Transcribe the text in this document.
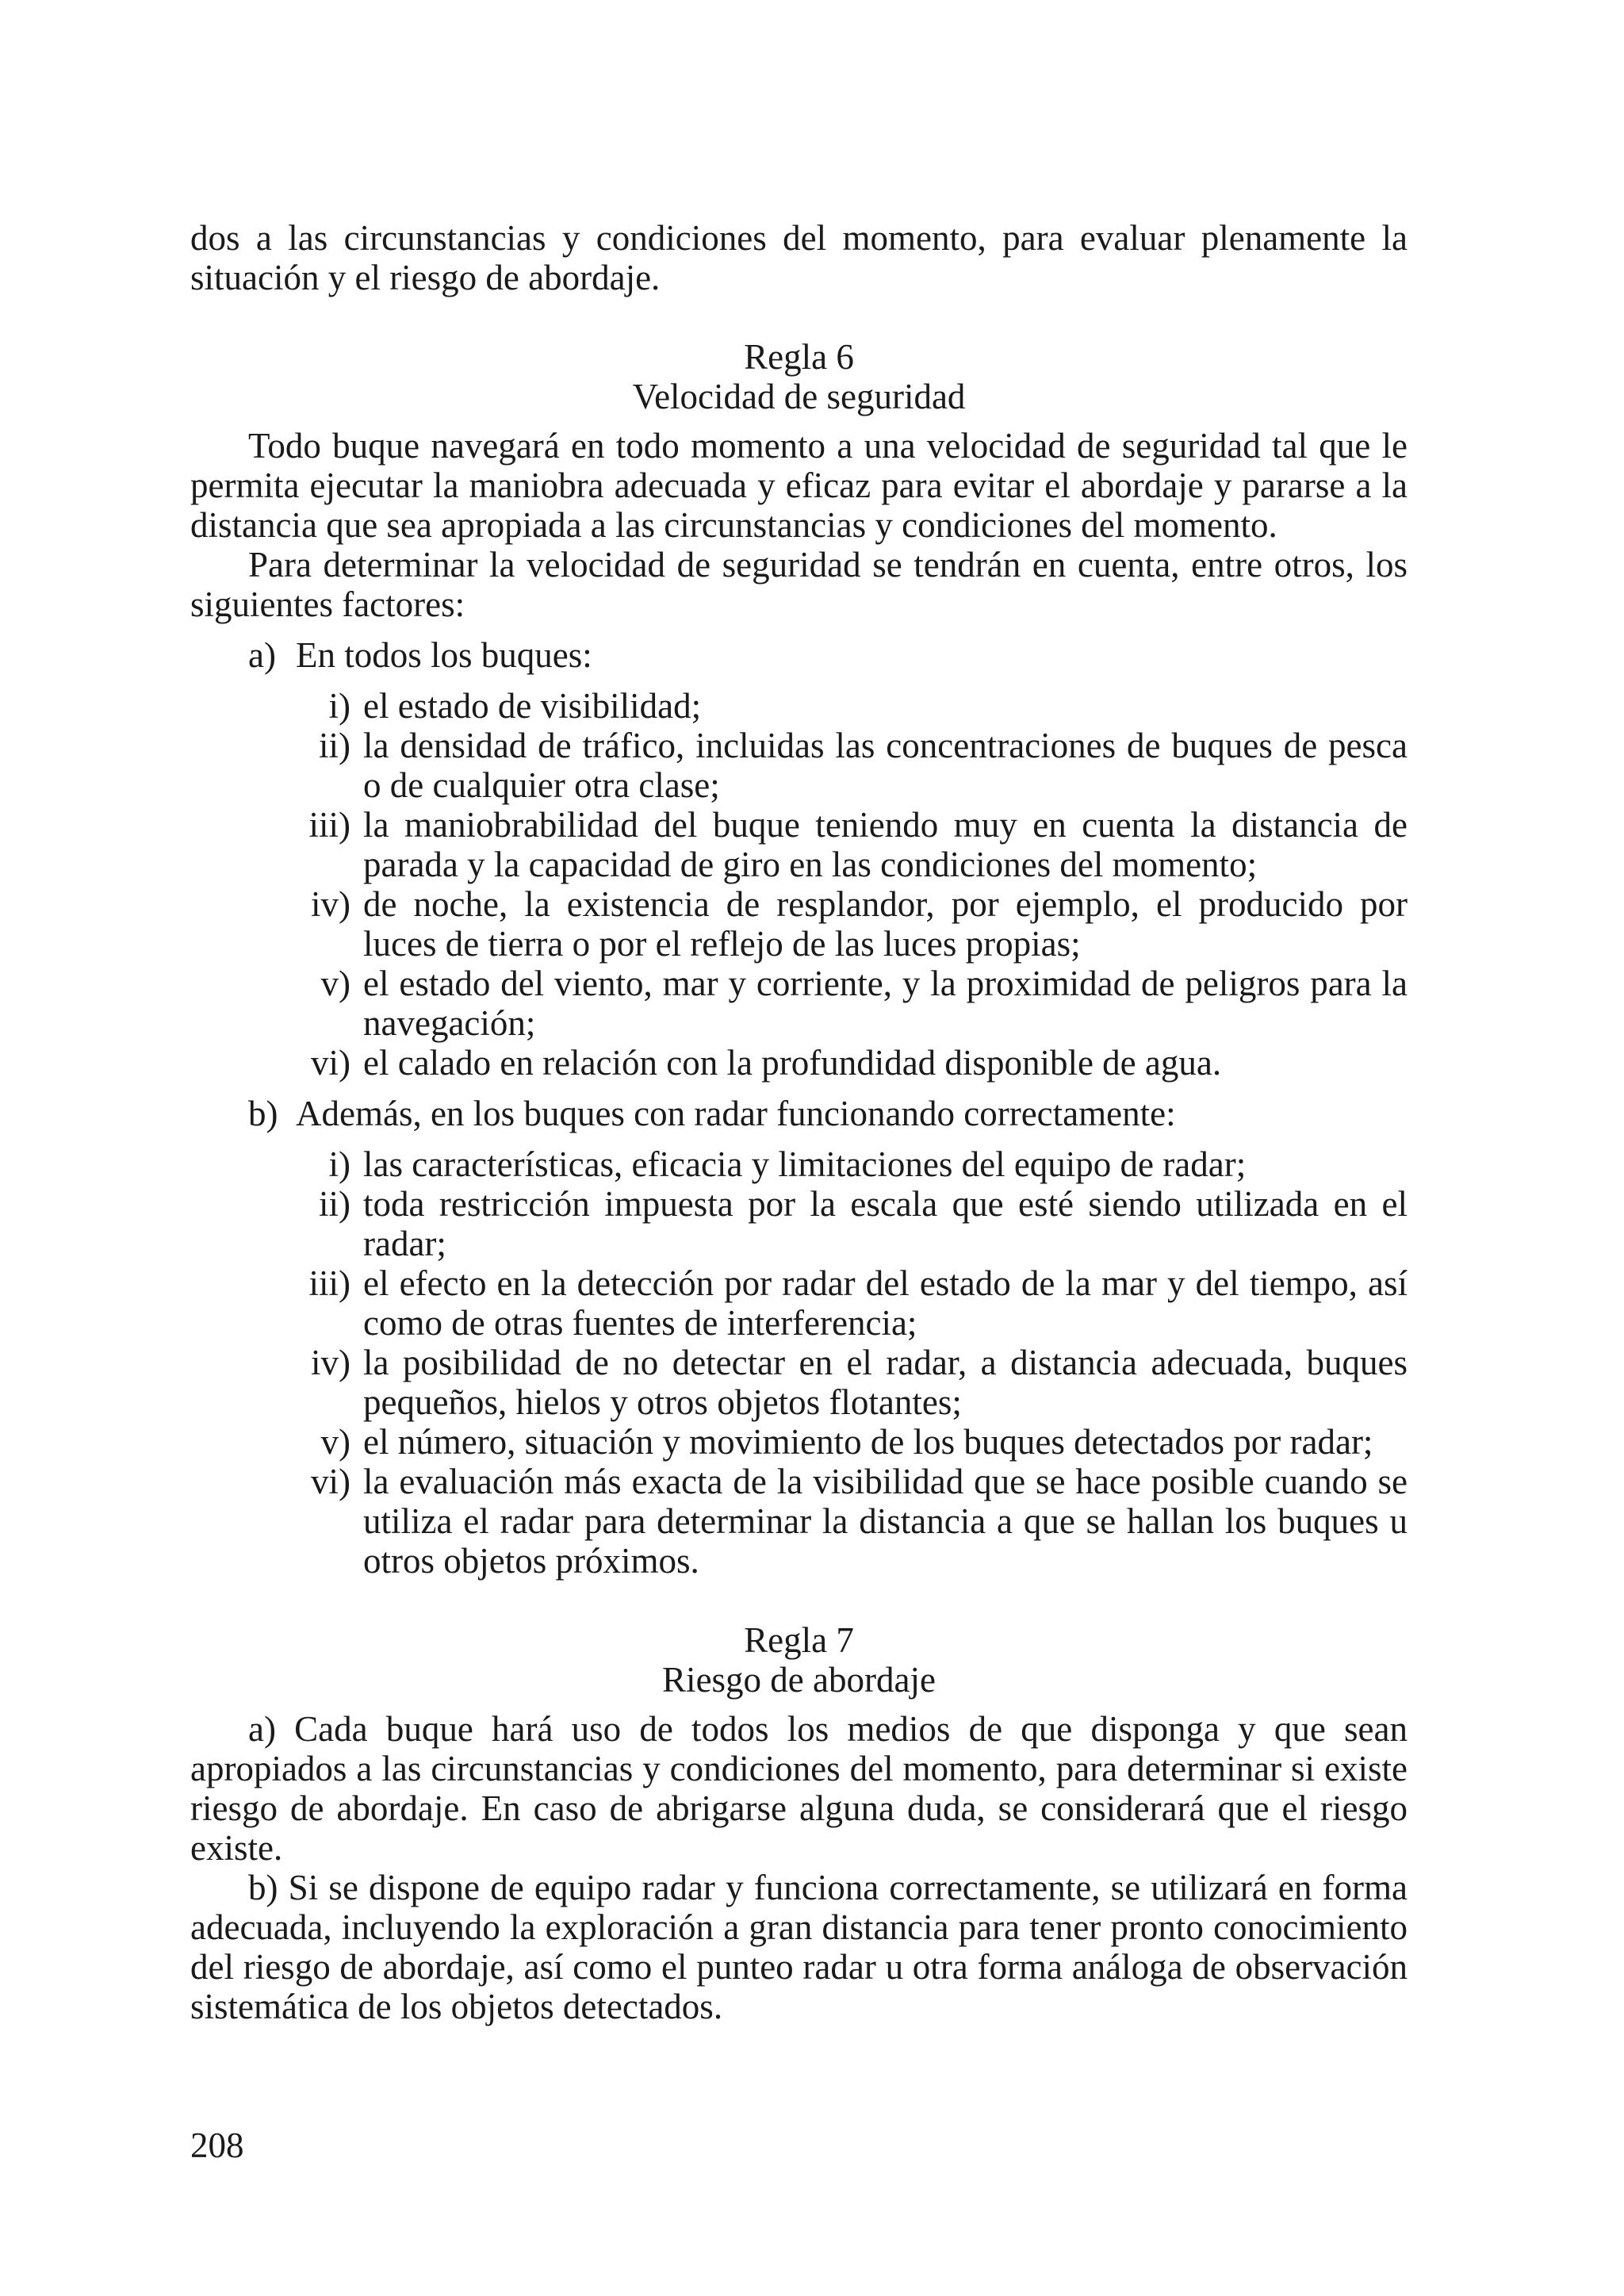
dos a las circunstancias y condiciones del momento, para evaluar plenamente la situación y el riesgo de abordaje.

Regla 6
Velocidad de seguridad

Todo buque navegará en todo momento a una velocidad de seguridad tal que le permita ejecutar la maniobra adecuada y eficaz para evitar el abordaje y pararse a la distancia que sea apropiada a las circunstancias y condiciones del momento.

Para determinar la velocidad de seguridad se tendrán en cuenta, entre otros, los siguientes factores:

a) En todos los buques:
i) el estado de visibilidad;
ii) la densidad de tráfico, incluidas las concentraciones de buques de pesca o de cualquier otra clase;
iii) la maniobrabilidad del buque teniendo muy en cuenta la distancia de parada y la capacidad de giro en las condiciones del momento;
iv) de noche, la existencia de resplandor, por ejemplo, el producido por luces de tierra o por el reflejo de las luces propias;
v) el estado del viento, mar y corriente, y la proximidad de peligros para la navegación;
vi) el calado en relación con la profundidad disponible de agua.
b) Además, en los buques con radar funcionando correctamente:
i) las características, eficacia y limitaciones del equipo de radar;
ii) toda restricción impuesta por la escala que esté siendo utilizada en el radar;
iii) el efecto en la detección por radar del estado de la mar y del tiempo, así como de otras fuentes de interferencia;
iv) la posibilidad de no detectar en el radar, a distancia adecuada, buques pequeños, hielos y otros objetos flotantes;
v) el número, situación y movimiento de los buques detectados por radar;
vi) la evaluación más exacta de la visibilidad que se hace posible cuando se utiliza el radar para determinar la distancia a que se hallan los buques u otros objetos próximos.
Regla 7
Riesgo de abordaje

a) Cada buque hará uso de todos los medios de que disponga y que sean apropiados a las circunstancias y condiciones del momento, para determinar si existe riesgo de abordaje. En caso de abrigarse alguna duda, se considerará que el riesgo existe.

b) Si se dispone de equipo radar y funciona correctamente, se utilizará en forma adecuada, incluyendo la exploración a gran distancia para tener pronto conocimiento del riesgo de abordaje, así como el punteo radar u otra forma análoga de observación sistemática de los objetos detectados.

208
